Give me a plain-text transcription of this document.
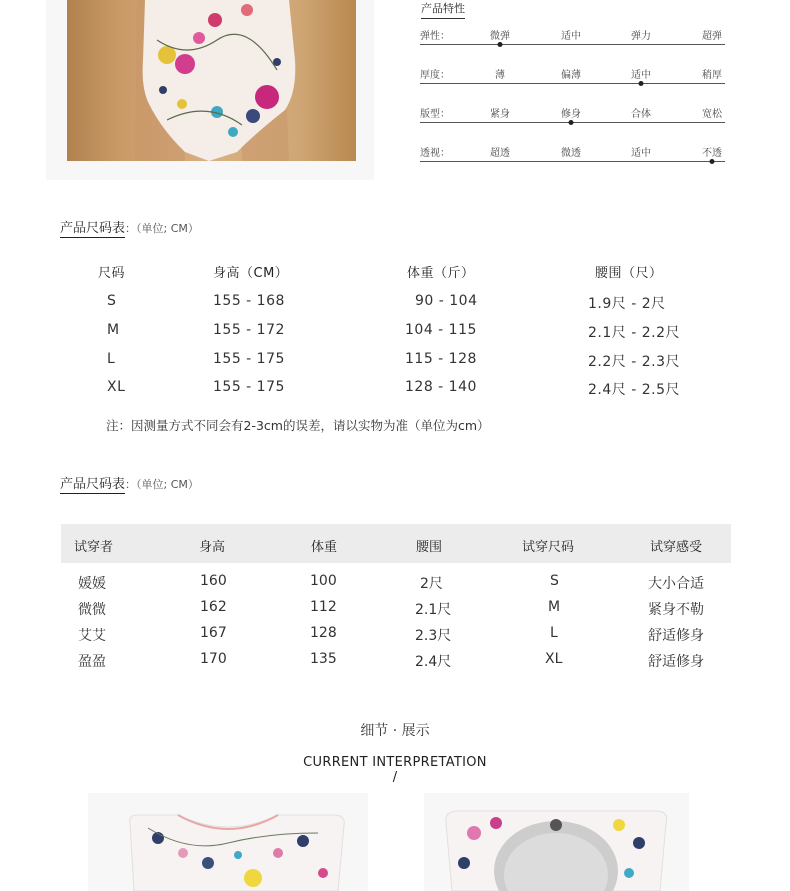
产品特性
弹性：	微弹	适中	弹力	超弹
厚度：	薄	偏薄	适中	稍厚
版型：	紧身	修身	合体	宽松
透视：	超透	微透	适中	不透
产品尺码表：（单位; CM）
尺码	身高（CM）	体重（斤）	腰围（尺）
S	155 - 168	90 - 104	1.9尺 - 2尺
M	155 - 172	104 - 115	2.1尺 - 2.2尺
L	155 - 175	115 - 128	2.2尺 - 2.3尺
XL	155 - 175	128 - 140	2.4尺 - 2.5尺
注：因测量方式不同会有2-3cm的误差，请以实物为准（单位为cm）
产品尺码表：（单位; CM）
试穿者	身高	体重	腰围	试穿尺码	试穿感受
媛媛	160	100	2尺	S	大小合适
微微	162	112	2.1尺	M	紧身不勒
艾艾	167	128	2.3尺	L	舒适修身
盈盈	170	135	2.4尺	XL	舒适修身
细节 · 展示
CURRENT INTERPRETATION
/
